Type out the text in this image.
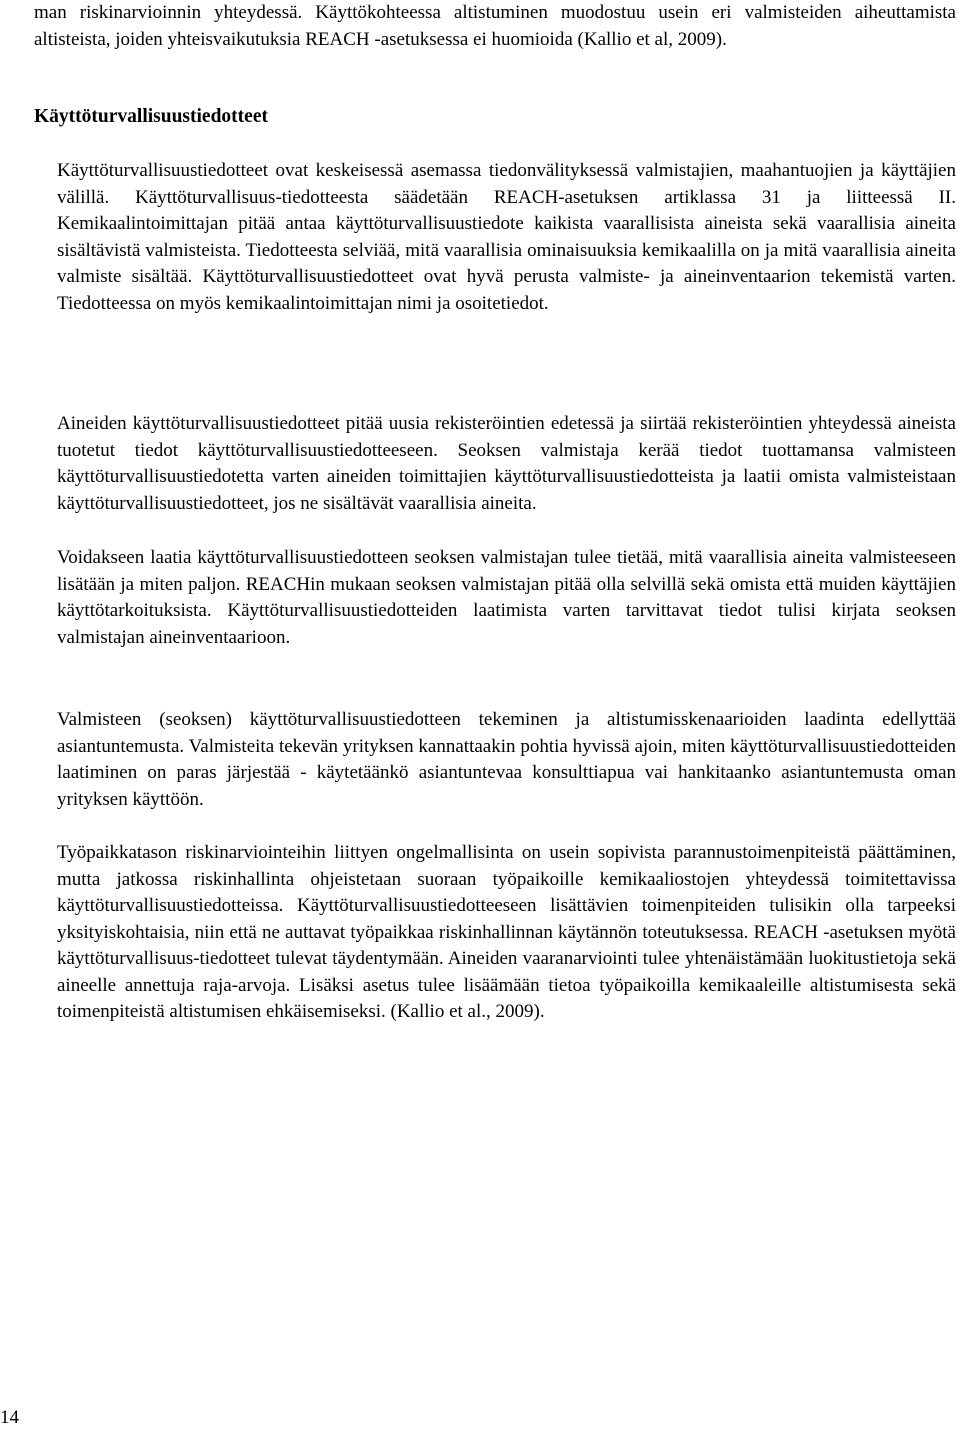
man riskinarvioinnin yhteydessä. Käyttökohteessa altistuminen muodostuu usein eri valmisteiden aiheuttamista altisteista, joiden yhteisvaikutuksia REACH -asetuksessa ei huomioida (Kallio et al, 2009).

Käyttöturvallisuustiedotteet

Käyttöturvallisuustiedotteet ovat keskeisessä asemassa tiedonvälityksessä valmistajien, maahantuojien ja käyttäjien välillä. Käyttöturvallisuus-tiedotteesta säädetään REACH-asetuksen artiklassa 31 ja liitteessä II. Kemikaalintoimittajan pitää antaa käyttöturvallisuustiedote kaikista vaarallisista aineista sekä vaarallisia aineita sisältävistä valmisteista. Tiedotteesta selviää, mitä vaarallisia ominaisuuksia kemikaalilla on ja mitä vaarallisia aineita valmiste sisältää. Käyttöturvallisuustiedotteet ovat hyvä perusta valmiste- ja aineinventaarion tekemistä varten. Tiedotteessa on myös kemikaalintoimittajan nimi ja osoitetiedot.

Aineiden käyttöturvallisuustiedotteet pitää uusia rekisteröintien edetessä ja siirtää rekisteröintien yhteydessä aineista tuotetut tiedot käyttöturvallisuustiedotteeseen. Seoksen valmistaja kerää tiedot tuottamansa valmisteen käyttöturvallisuustiedotetta varten aineiden toimittajien käyttöturvallisuustiedotteista ja laatii omista valmisteistaan käyttöturvallisuustiedotteet, jos ne sisältävät vaarallisia aineita.

Voidakseen laatia käyttöturvallisuustiedotteen seoksen valmistajan tulee tietää, mitä vaarallisia aineita valmisteeseen lisätään ja miten paljon. REACHin mukaan seoksen valmistajan pitää olla selvillä sekä omista että muiden käyttäjien käyttötarkoituksista. Käyttöturvallisuustiedotteiden laatimista varten tarvittavat tiedot tulisi kirjata seoksen valmistajan aineinventaarioon.

Valmisteen (seoksen) käyttöturvallisuustiedotteen tekeminen ja altistumisskenaarioiden laadinta edellyttää asiantuntemusta. Valmisteita tekevän yrityksen kannattaakin pohtia hyvissä ajoin, miten käyttöturvallisuustiedotteiden laatiminen on paras järjestää - käytetäänkö asiantuntevaa konsulttiapua vai hankitaanko asiantuntemusta oman yrityksen käyttöön.

Työpaikkatason riskinarviointeihin liittyen ongelmallisinta on usein sopivista parannustoimenpiteistä päättäminen, mutta jatkossa riskinhallinta ohjeistetaan suoraan työpaikoille kemikaaliostojen yhteydessä toimitettavissa käyttöturvallisuustiedotteissa. Käyttöturvallisuustiedotteeseen lisättävien toimenpiteiden tulisikin olla tarpeeksi yksityiskohtaisia, niin että ne auttavat työpaikkaa riskinhallinnan käytännön toteutuksessa. REACH -asetuksen myötä käyttöturvallisuus-tiedotteet tulevat täydentymään. Aineiden vaaranarviointi tulee yhtenäistämään luokitustietoja sekä aineelle annettuja raja-arvoja. Lisäksi asetus tulee lisäämään tietoa työpaikoilla kemikaaleille altistumisesta sekä toimenpiteistä altistumisen ehkäisemiseksi. (Kallio et al., 2009).

14
